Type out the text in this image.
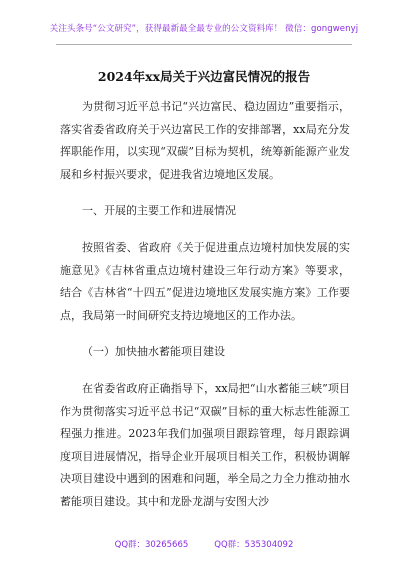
关注头条号“公文研究”，获得最新最全最专业的公文资料库！ 微信：gongwenyj
2024年xx局关于兴边富民情况的报告

为贯彻习近平总书记“兴边富民、稳边固边”重要指示，落实省委省政府关于兴边富民工作的安排部署，xx局充分发挥职能作用，以实现“双碳”目标为契机，统筹新能源产业发展和乡村振兴要求，促进我省边境地区发展。

一、开展的主要工作和进展情况

按照省委、省政府《关于促进重点边境村加快发展的实施意见》《吉林省重点边境村建设三年行动方案》等要求，结合《吉林省“十四五”促进边境地区发展实施方案》工作要点，我局第一时间研究支持边境地区的工作办法。

（一）加快抽水蓄能项目建设

在省委省政府正确指导下，xx局把“山水蓄能三峡”项目作为贯彻落实习近平总书记“双碳”目标的重大标志性能源工程强力推进。2023年我们加强项目跟踪管理，每月跟踪调度项目进展情况，指导企业开展项目相关工作，积极协调解决项目建设中遇到的困难和问题，举全局之力全力推动抽水蓄能项目建设。其中和龙卧龙湖与安图大沙

QQ群：30265665	QQ群：535304092
